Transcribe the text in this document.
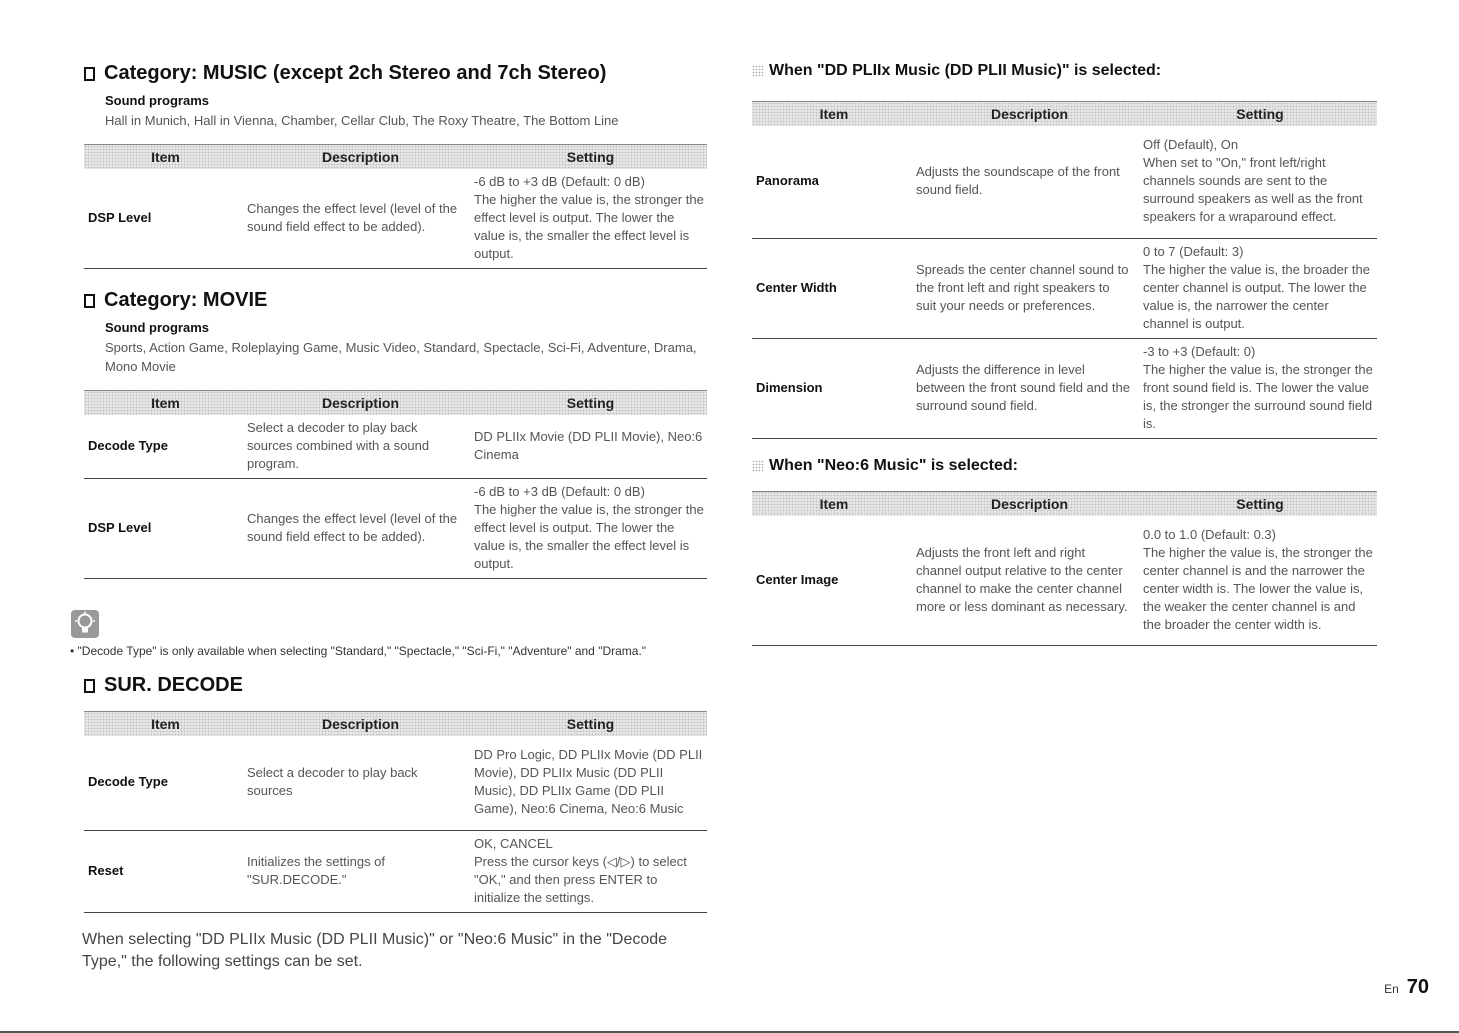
Category: MUSIC (except 2ch Stereo and 7ch Stereo)
Sound programs
Hall in Munich, Hall in Vienna, Chamber, Cellar Club, The Roxy Theatre, The Bottom Line
Item	Description	Setting
DSP Level	Changes the effect level (level of the sound field effect to be added).	-6 dB to +3 dB (Default: 0 dB)
The higher the value is, the stronger the effect level is output. The lower the value is, the smaller the effect level is output.
Category: MOVIE
Sound programs
Sports, Action Game, Roleplaying Game, Music Video, Standard, Spectacle, Sci-Fi, Adventure, Drama, Mono Movie
Item	Description	Setting
Decode Type	Select a decoder to play back sources combined with a sound program.	DD PLIIx Movie (DD PLII Movie), Neo:6 Cinema
DSP Level	Changes the effect level (level of the sound field effect to be added).	-6 dB to +3 dB (Default: 0 dB)
The higher the value is, the stronger the effect level is output. The lower the value is, the smaller the effect level is output.
• "Decode Type" is only available when selecting "Standard," "Spectacle," "Sci-Fi," "Adventure" and "Drama."
SUR. DECODE
Item	Description	Setting
Decode Type	Select a decoder to play back sources	DD Pro Logic, DD PLIIx Movie (DD PLII Movie), DD PLIIx Music (DD PLII Music), DD PLIIx Game (DD PLII Game), Neo:6 Cinema, Neo:6 Music
Reset	Initializes the settings of "SUR.DECODE."	OK, CANCEL
Press the cursor keys (◁/▷) to select "OK," and then press ENTER to initialize the settings.

When selecting "DD PLIIx Music (DD PLII Music)" or "Neo:6 Music" in the "Decode Type," the following settings can be set.

When "DD PLIIx Music (DD PLII Music)" is selected:
Item	Description	Setting
Panorama	Adjusts the soundscape of the front sound field.	Off (Default), On
When set to "On," front left/right channels sounds are sent to the surround speakers as well as the front speakers for a wraparound effect.
Center Width	Spreads the center channel sound to the front left and right speakers to suit your needs or preferences.	0 to 7 (Default: 3)
The higher the value is, the broader the center channel is output. The lower the value is, the narrower the center channel is output.
Dimension	Adjusts the difference in level between the front sound field and the surround sound field.	-3 to +3 (Default: 0)
The higher the value is, the stronger the front sound field is. The lower the value is, the stronger the surround sound field is.
When "Neo:6 Music" is selected:
Item	Description	Setting
Center Image	Adjusts the front left and right channel output relative to the center channel to make the center channel more or less dominant as necessary.	0.0 to 1.0 (Default: 0.3)
The higher the value is, the stronger the center channel is and the narrower the center width is. The lower the value is, the weaker the center channel is and the broader the center width is.
En 70
